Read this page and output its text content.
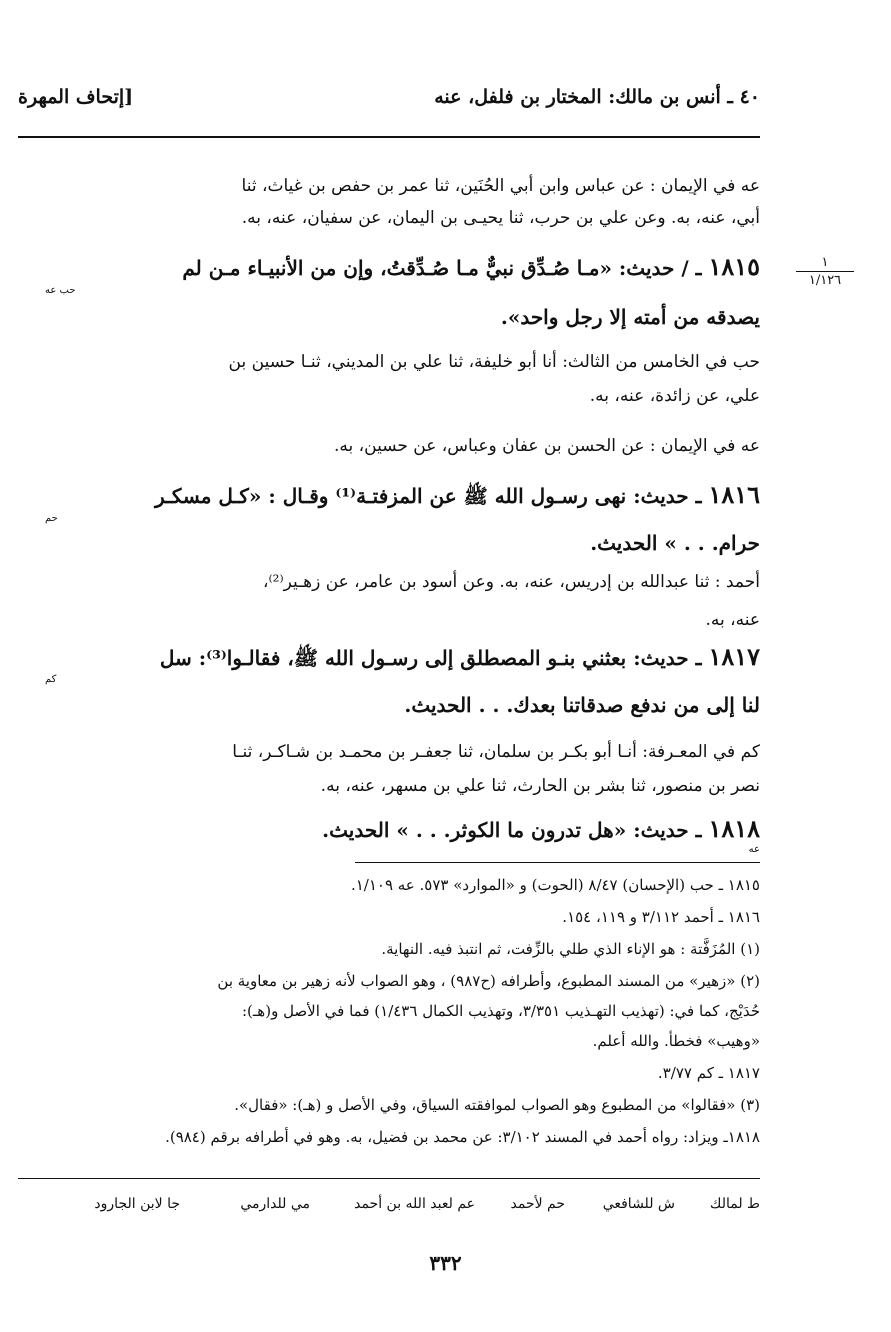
٤٠ ـ أنس بن مالك: المختار بن فلفل، عنه
[إتحاف المهرة
١
١/١٢٦
عه في الإيمان : عن عباس وابن أبي الحُنَين، ثنا عمر بن حفص بن غياث، ثنا
أبي، عنه، به. وعن علي بن حرب، ثنا يحيـى بن اليمان، عن سفيان، عنه، به.
١٨١٥ ـ / حديث: «مـا صُـدِّق نبيٌّ مـا صُـدِّقتُ، وإن من الأنبيـاء مـن لم
حب عه
يصدقه من أمته إلا رجل واحد».
حب في الخامس من الثالث: أنا أبو خليفة، ثنا علي بن المديني، ثنـا حسين بن
علي، عن زائدة، عنه، به.
عه في الإيمان : عن الحسن بن عفان وعباس، عن حسين، به.
١٨١٦ ـ حديث: نهى رسـول الله ﷺ عن المزفتـة⁽¹⁾ وقـال : «كـل مسكـر
حم
حرام. . . » الحديث.
أحمد : ثنا عبدالله بن إدريس، عنه، به. وعن أسود بن عامر، عن زهـير⁽²⁾،
عنه، به.
١٨١٧ ـ حديث: بعثني بنـو المصطلق إلى رسـول الله ﷺ، فقالـوا⁽³⁾: سل
كم
لنا إلى من ندفع صدقاتنا بعدك. . . الحديث.
كم في المعـرفة: أنـا أبو بكـر بن سلمان، ثنا جعفـر بن محمـد بن شـاكـر، ثنـا
نصر بن منصور، ثنا بشر بن الحارث، ثنا علي بن مسهر، عنه، به.
١٨١٨ ـ حديث: «هل تدرون ما الكوثر. . . » الحديث.
عه
١٨١٥ ـ حب (الإحسان) ٨/٤٧ (الحوت) و «الموارد» ٥٧٣. عه ١/١٠٩.
١٨١٦ ـ أحمد ٣/١١٢ و ١١٩، ١٥٤.
(١) المُزَفَّتة : هو الإناء الذي طلي بالزِّفت، ثم انتبذ فيه. النهاية.
(٢) «زهير» من المسند المطبوع، وأطرافه (ح٩٨٧) ، وهو الصواب لأنه زهير بن معاوية بن
حُدَيْج، كما في: (تهذيب التهـذيب ٣/٣٥١، وتهذيب الكمال ١/٤٣٦) فما في الأصل و(هـ):
«وهيب» فخطأ. والله أعلم.
١٨١٧ ـ كم ٣/٧٧.
(٣) «فقالوا» من المطبوع وهو الصواب لموافقته السياق، وفي الأصل و (هـ): «فقال».
١٨١٨ـ ويزاد: رواه أحمد في المسند ٣/١٠٢: عن محمد بن فضيل، به. وهو في أطرافه برقم (٩٨٤).
ط لمالك
ش للشافعي
حم لأحمد
عم لعبد الله بن أحمد
مي للدارمي
جا لابن الجارود
٣٣٢
